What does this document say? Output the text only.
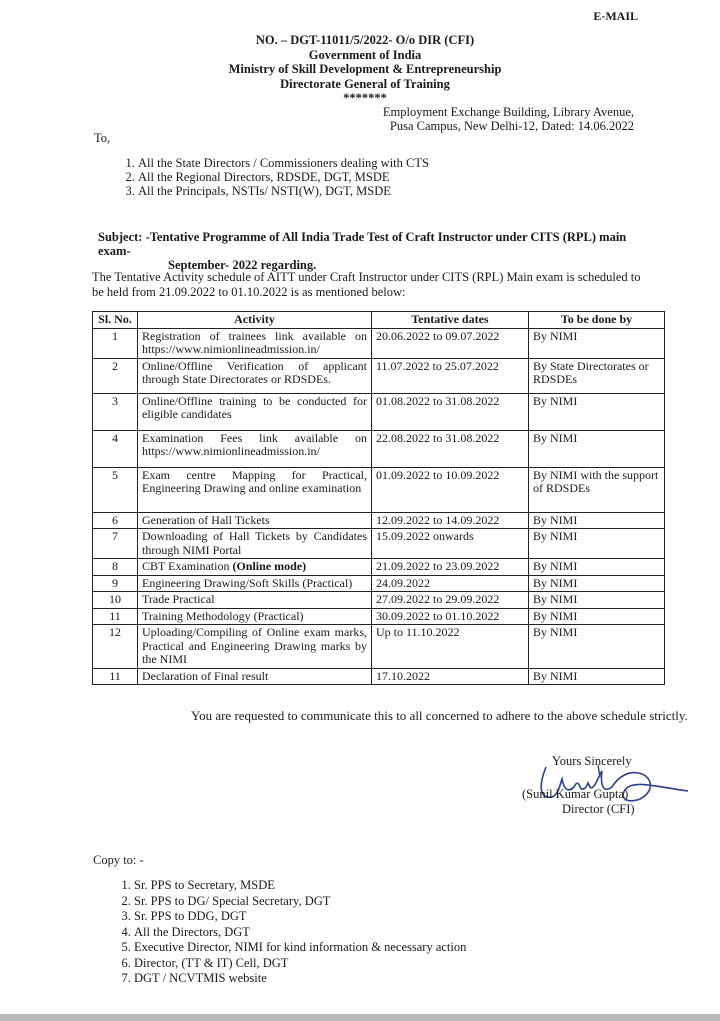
E-MAIL
NO. – DGT-11011/5/2022- O/o DIR (CFI)
Government of India
Ministry of Skill Development & Entrepreneurship
Directorate General of Training
*******
Employment Exchange Building, Library Avenue,
Pusa Campus, New Delhi-12, Dated: 14.06.2022
To,
1. All the State Directors / Commissioners dealing with CTS
2. All the Regional Directors, RDSDE, DGT, MSDE
3. All the Principals, NSTIs/ NSTI(W), DGT, MSDE
Subject: -Tentative Programme of All India Trade Test of Craft Instructor under CITS (RPL) main exam-
September- 2022 regarding.
The Tentative Activity schedule of AITT under Craft Instructor under CITS (RPL) Main exam is scheduled to be held from 21.09.2022 to 01.10.2022 is as mentioned below:
Sl. No.	Activity	Tentative dates	To be done by
1	Registration of trainees link available on https://www.nimionlineadmission.in/	20.06.2022 to 09.07.2022	By NIMI
2	Online/Offline Verification of applicant through State Directorates or RDSDEs.	11.07.2022 to 25.07.2022	By State Directorates or RDSDEs
3	Online/Offline training to be conducted for eligible candidates	01.08.2022 to 31.08.2022	By NIMI
4	Examination Fees link available on https://www.nimionlineadmission.in/	22.08.2022 to 31.08.2022	By NIMI
5	Exam centre Mapping for Practical, Engineering Drawing and online examination	01.09.2022 to 10.09.2022	By NIMI with the support of RDSDEs
6	Generation of Hall Tickets	12.09.2022 to 14.09.2022	By NIMI
7	Downloading of Hall Tickets by Candidates through NIMI Portal	15.09.2022 onwards	By NIMI
8	CBT Examination (Online mode)	21.09.2022 to 23.09.2022	By NIMI
9	Engineering Drawing/Soft Skills (Practical)	24.09.2022	By NIMI
10	Trade Practical	27.09.2022 to 29.09.2022	By NIMI
11	Training Methodology (Practical)	30.09.2022 to 01.10.2022	By NIMI
12	Uploading/Compiling of Online exam marks, Practical and Engineering Drawing marks by the NIMI	Up to 11.10.2022	By NIMI
11	Declaration of Final result	17.10.2022	By NIMI
You are requested to communicate this to all concerned to adhere to the above schedule strictly.
Yours Sincerely
(Sunil Kumar Gupta)
Director (CFI)
Copy to: -
1. Sr. PPS to Secretary, MSDE
2. Sr. PPS to DG/ Special Secretary, DGT
3. Sr. PPS to DDG, DGT
4. All the Directors, DGT
5. Executive Director, NIMI for kind information & necessary action
6. Director, (TT & IT) Cell, DGT
7. DGT / NCVTMIS website
